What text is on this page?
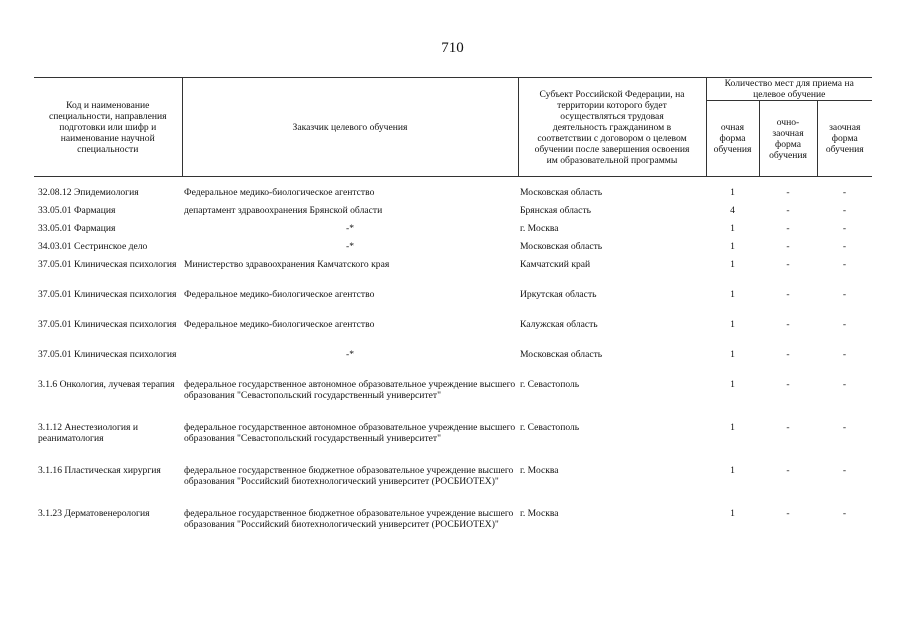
710
Код и наименование специальности, направления подготовки или шифр и наименование научной специальности	Заказчик целевого обучения	Субъект Российской Федерации, на территории которого будет осуществляться трудовая деятельность гражданином в соответствии с договором о целевом обучении после завершения освоения им образовательной программы	Количество мест для приема на целевое обучение		
			очная форма обучения	очно-заочная форма обучения	заочная форма обучения

32.08.12 Эпидемиология	Федеральное медико-биологическое агентство	Московская область	1	-	-
33.05.01 Фармация	департамент здравоохранения Брянской области	Брянская область	4	-	-
33.05.01 Фармация	-*	г. Москва	1	-	-
34.03.01 Сестринское дело	-*	Московская область	1	-	-
37.05.01 Клиническая психология	Министерство здравоохранения Камчатского края	Камчатский край	1	-	-
37.05.01 Клиническая психология	Федеральное медико-биологическое агентство	Иркутская область	1	-	-
37.05.01 Клиническая психология	Федеральное медико-биологическое агентство	Калужская область	1	-	-
37.05.01 Клиническая психология	-*	Московская область	1	-	-
3.1.6 Онкология, лучевая терапия	федеральное государственное автономное образовательное учреждение высшего образования "Севастопольский государственный университет"	г. Севастополь	1	-	-
3.1.12 Анестезиология и реаниматология	федеральное государственное автономное образовательное учреждение высшего образования "Севастопольский государственный университет"	г. Севастополь	1	-	-
3.1.16 Пластическая хирургия	федеральное государственное бюджетное образовательное учреждение высшего образования "Российский биотехнологический университет (РОСБИОТЕХ)"	г. Москва	1	-	-
3.1.23 Дерматовенерология	федеральное государственное бюджетное образовательное учреждение высшего образования "Российский биотехнологический университет (РОСБИОТЕХ)"	г. Москва	1	-	-
